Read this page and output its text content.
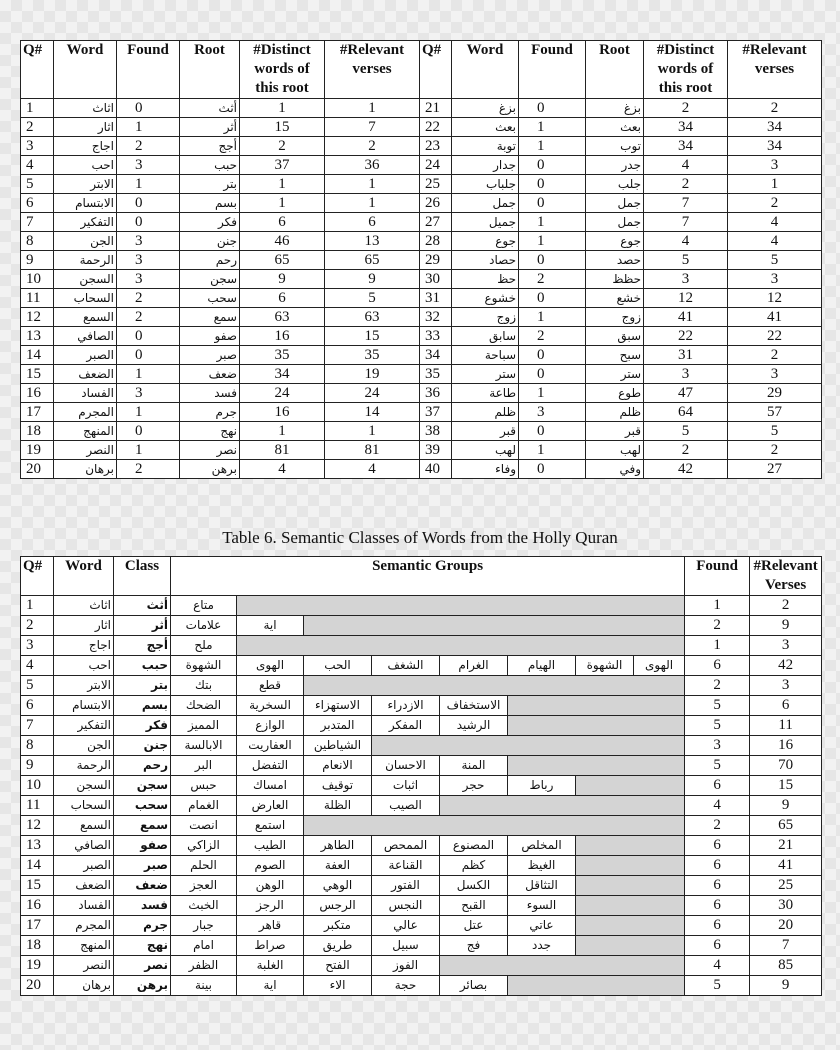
Q#	Word	Found	Root	#Distinct words of this root	#Relevant verses	Q#	Word	Found	Root	#Distinct words of this root	#Relevant verses
1	اثاث	0	أثث	1	1	21	بزغ	0	بزغ	2	2
2	اثار	1	أثر	15	7	22	بعث	1	بعث	34	34
3	اجاج	2	أجج	2	2	23	توبة	1	توب	34	34
4	احب	3	حبب	37	36	24	جدار	0	جدر	4	3
5	الابتر	1	بتر	1	1	25	جلباب	0	جلب	2	1
6	الابتسام	0	بسم	1	1	26	جمل	0	جمل	7	2
7	التفكير	0	فكر	6	6	27	جميل	1	جمل	7	4
8	الجن	3	جنن	46	13	28	جوع	1	جوع	4	4
9	الرحمة	3	رحم	65	65	29	حصاد	0	حصد	5	5
10	السجن	3	سجن	9	9	30	حظ	2	حظظ	3	3
11	السحاب	2	سحب	6	5	31	خشوع	0	خشع	12	12
12	السمع	2	سمع	63	63	32	زوج	1	زوج	41	41
13	الصافي	0	صفو	16	15	33	سابق	2	سبق	22	22
14	الصبر	0	صبر	35	35	34	سباحة	0	سبح	31	2
15	الضعف	1	ضعف	34	19	35	ستر	0	ستر	3	3
16	الفساد	3	فسد	24	24	36	طاعة	1	طوع	47	29
17	المجرم	1	جرم	16	14	37	ظلم	3	ظلم	64	57
18	المنهج	0	نهج	1	1	38	قبر	0	قبر	5	5
19	النصر	1	نصر	81	81	39	لهب	1	لهب	2	2
20	برهان	2	برهن	4	4	40	وفاء	0	وفي	42	27
Table 6. Semantic Classes of Words from the Holly Quran
Q#	Word	Class	Semantic Groups								Found	#Relevant Verses
1	اثاث	أثث	متاع								1	2
2	اثار	أثر	علامات	اية							2	9
3	اجاج	أجج	ملح								1	3
4	احب	حبب	الشهوة	الهوى	الحب	الشغف	الغرام	الهيام	الشهوة	الهوى	6	42
5	الابتر	بتر	بتك	قطع							2	3
6	الابتسام	بسم	الضحك	السخرية	الاستهزاء	الازدراء	الاستخفاف				5	6
7	التفكير	فكر	المميز	الوازع	المتدبر	المفكر	الرشيد				5	11
8	الجن	جنن	الابالسة	العفاريت	الشياطين						3	16
9	الرحمة	رحم	البر	التفضل	الانعام	الاحسان	المنة				5	70
10	السجن	سجن	حبس	امساك	توقيف	اثبات	حجر	رباط			6	15
11	السحاب	سحب	الغمام	العارض	الظلة	الصيب					4	9
12	السمع	سمع	انصت	استمع							2	65
13	الصافي	صفو	الزاكي	الطيب	الطاهر	الممحص	المصنوع	المخلص			6	21
14	الصبر	صبر	الحلم	الصوم	العفة	القناعة	كظم	الغيظ			6	41
15	الضعف	ضعف	العجز	الوهن	الوهي	الفتور	الكسل	التثاقل			6	25
16	الفساد	فسد	الخبث	الرجز	الرجس	النجس	القبح	السوء			6	30
17	المجرم	جرم	جبار	قاهر	متكبر	عالي	عتل	عاتي			6	20
18	المنهج	نهج	امام	صراط	طريق	سبيل	فج	جدد			6	7
19	النصر	نصر	الظفر	الغلبة	الفتح	الفوز					4	85
20	برهان	برهن	بينة	اية	الاء	حجة	بصائر				5	9
